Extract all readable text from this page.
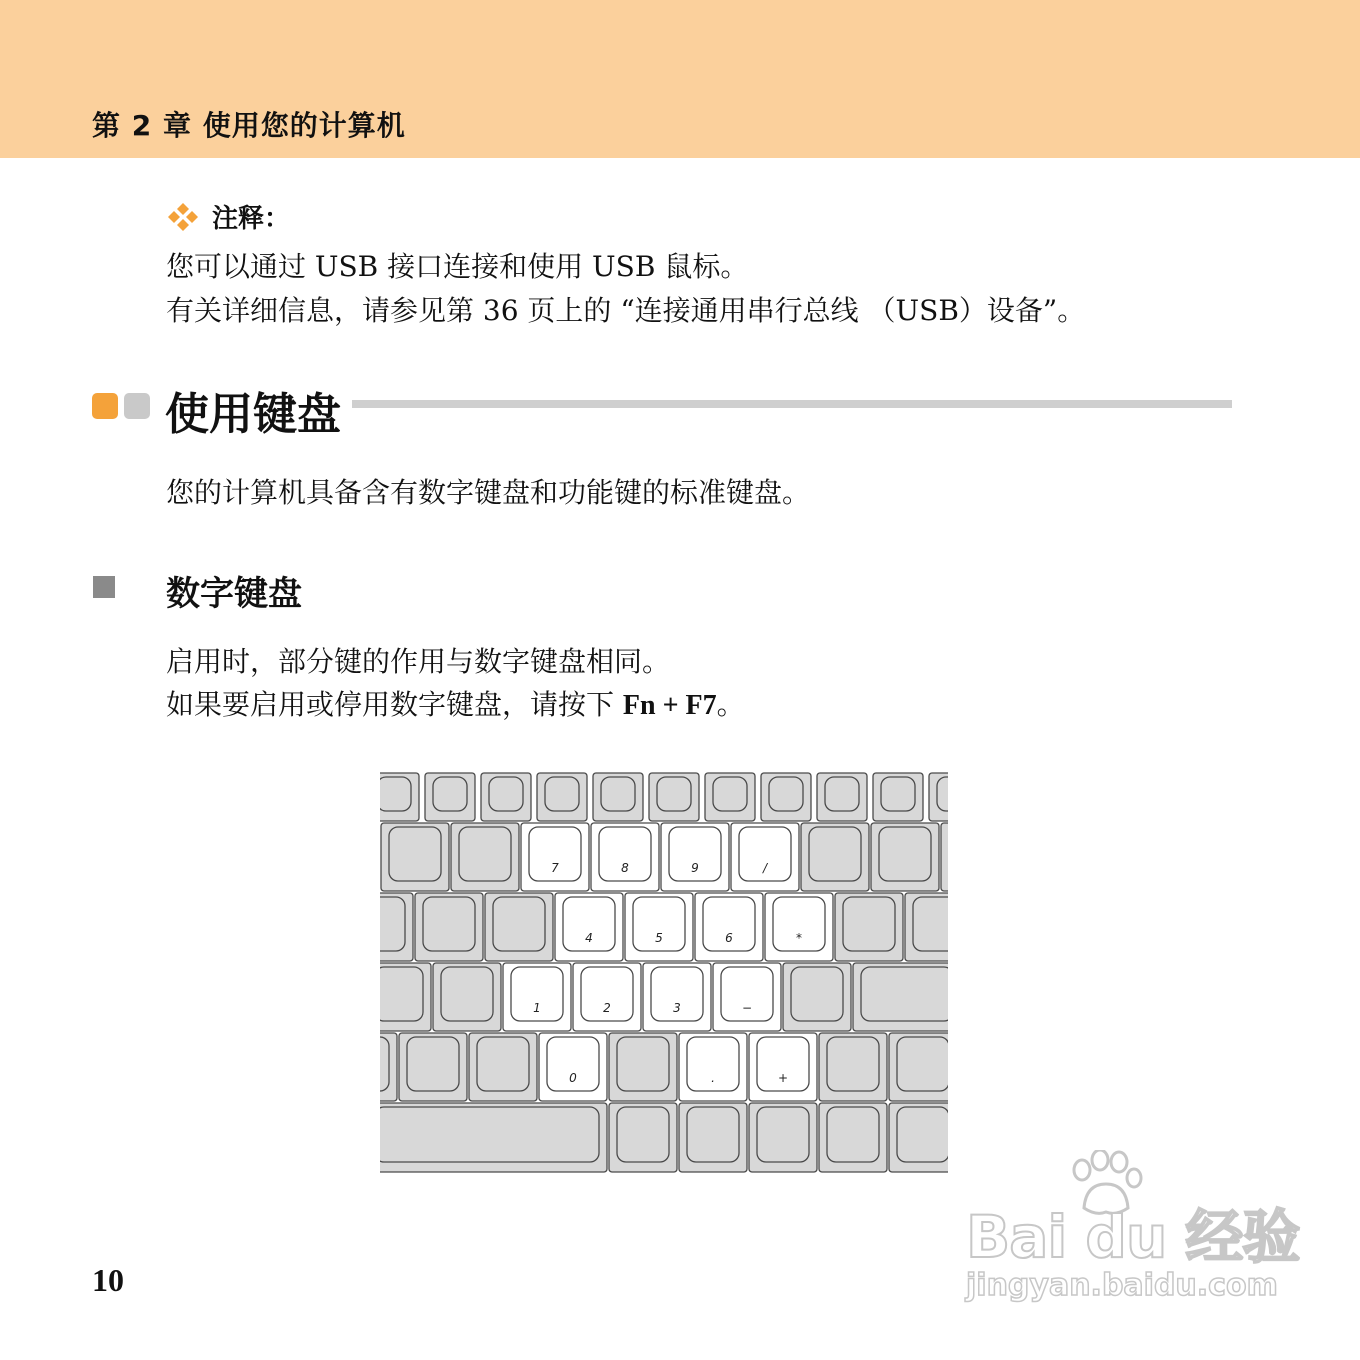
第 2 章 使用您的计算机
注释：
您可以通过 USB 接口连接和使用 USB 鼠标。
有关详细信息，请参见第 36 页上的 “连接通用串行总线 （USB）设备”。
使用键盘
您的计算机具备含有数字键盘和功能键的标准键盘。
数字键盘
启用时，部分键的作用与数字键盘相同。
如果要启用或停用数字键盘，请按下 Fn + F7。
7	8	9	/
4	5	6	*
1	2	3	−
0	.	+
10
Bai du 经验
jingyan.baidu.com
